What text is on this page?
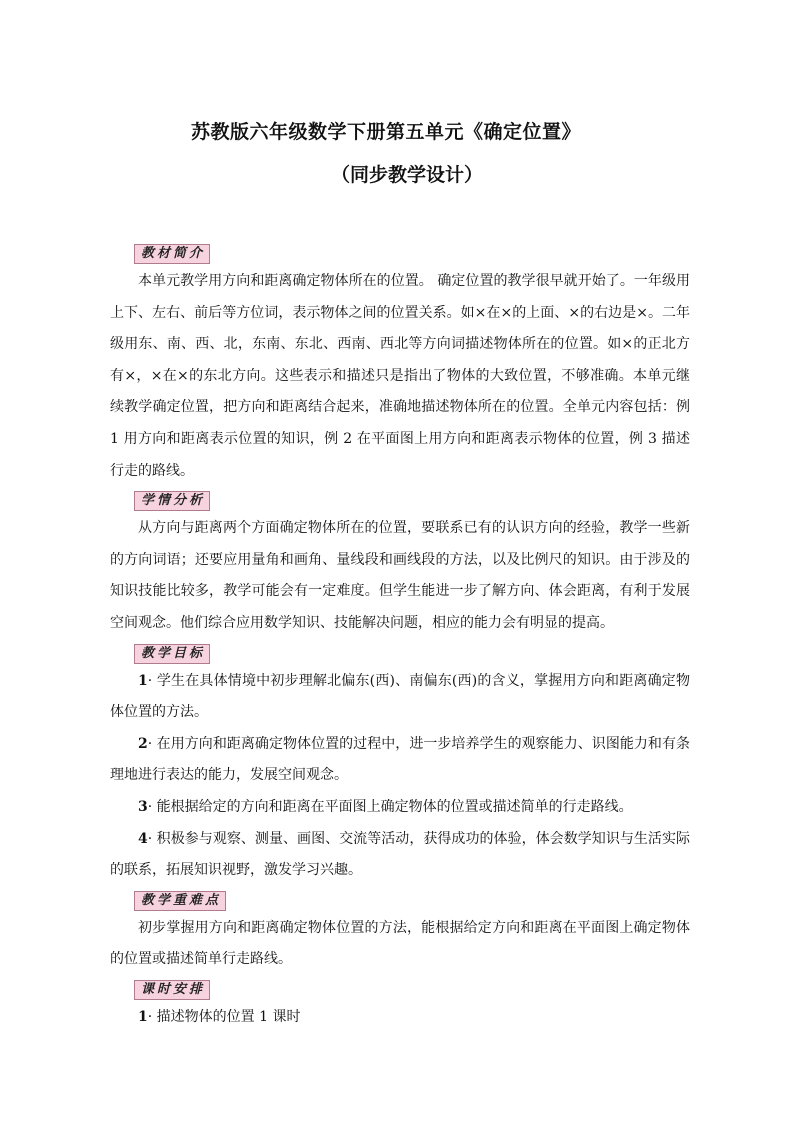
苏教版六年级数学下册第五单元《确定位置》
（同步教学设计）
教材简介

本单元教学用方向和距离确定物体所在的位置。 确定位置的教学很早就开始了。一年级用上下、左右、前后等方位词，表示物体之间的位置关系。如×在×的上面、×的右边是×。二年级用东、南、西、北，东南、东北、西南、西北等方向词描述物体所在的位置。如×的正北方有×，×在×的东北方向。这些表示和描述只是指出了物体的大致位置，不够准确。本单元继续教学确定位置，把方向和距离结合起来，准确地描述物体所在的位置。全单元内容包括：例 1 用方向和距离表示位置的知识，例 2 在平面图上用方向和距离表示物体的位置，例 3 描述行走的路线。

学情分析

从方向与距离两个方面确定物体所在的位置，要联系已有的认识方向的经验，教学一些新的方向词语；还要应用量角和画角、量线段和画线段的方法，以及比例尺的知识。由于涉及的知识技能比较多，教学可能会有一定难度。但学生能进一步了解方向、体会距离，有利于发展空间观念。他们综合应用数学知识、技能解决问题，相应的能力会有明显的提高。

教学目标

1· 学生在具体情境中初步理解北偏东(西)、南偏东(西)的含义，掌握用方向和距离确定物体位置的方法。

2· 在用方向和距离确定物体位置的过程中，进一步培养学生的观察能力、识图能力和有条理地进行表达的能力，发展空间观念。

3· 能根据给定的方向和距离在平面图上确定物体的位置或描述简单的行走路线。

4· 积极参与观察、测量、画图、交流等活动，获得成功的体验，体会数学知识与生活实际的联系，拓展知识视野，激发学习兴趣。

教学重难点

初步掌握用方向和距离确定物体位置的方法，能根据给定方向和距离在平面图上确定物体的位置或描述简单行走路线。

课时安排

1· 描述物体的位置 1 课时
